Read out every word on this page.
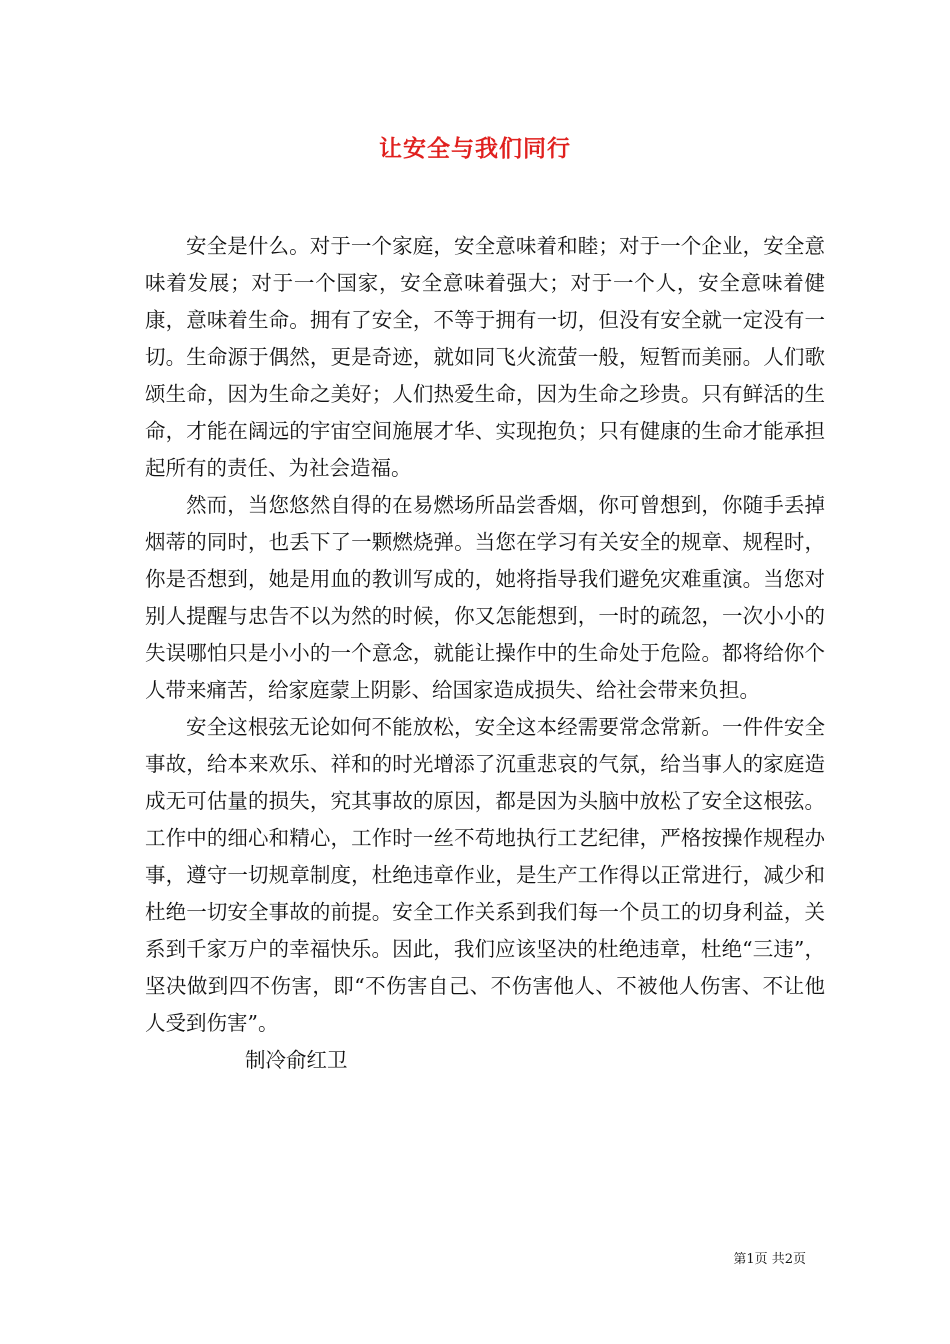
让安全与我们同行

安全是什么。对于一个家庭，安全意味着和睦；对于一个企业，安全意味着发展；对于一个国家，安全意味着强大；对于一个人，安全意味着健康，意味着生命。拥有了安全，不等于拥有一切，但没有安全就一定没有一切。生命源于偶然，更是奇迹，就如同飞火流萤一般，短暂而美丽。人们歌颂生命，因为生命之美好；人们热爱生命，因为生命之珍贵。只有鲜活的生命，才能在阔远的宇宙空间施展才华、实现抱负；只有健康的生命才能承担起所有的责任、为社会造福。

然而，当您悠然自得的在易燃场所品尝香烟，你可曾想到，你随手丢掉烟蒂的同时，也丢下了一颗燃烧弹。当您在学习有关安全的规章、规程时，你是否想到，她是用血的教训写成的，她将指导我们避免灾难重演。当您对别人提醒与忠告不以为然的时候，你又怎能想到，一时的疏忽，一次小小的失误哪怕只是小小的一个意念，就能让操作中的生命处于危险。都将给你个人带来痛苦，给家庭蒙上阴影、给国家造成损失、给社会带来负担。

安全这根弦无论如何不能放松，安全这本经需要常念常新。一件件安全事故，给本来欢乐、祥和的时光增添了沉重悲哀的气氛，给当事人的家庭造成无可估量的损失，究其事故的原因，都是因为头脑中放松了安全这根弦。工作中的细心和精心，工作时一丝不苟地执行工艺纪律，严格按操作规程办事，遵守一切规章制度，杜绝违章作业，是生产工作得以正常进行，减少和杜绝一切安全事故的前提。安全工作关系到我们每一个员工的切身利益，关系到千家万户的幸福快乐。因此，我们应该坚决的杜绝违章，杜绝“三违”，坚决做到四不伤害，即“不伤害自己、不伤害他人、不被他人伤害、不让他人受到伤害”。

制冷俞红卫

第1页 共2页
